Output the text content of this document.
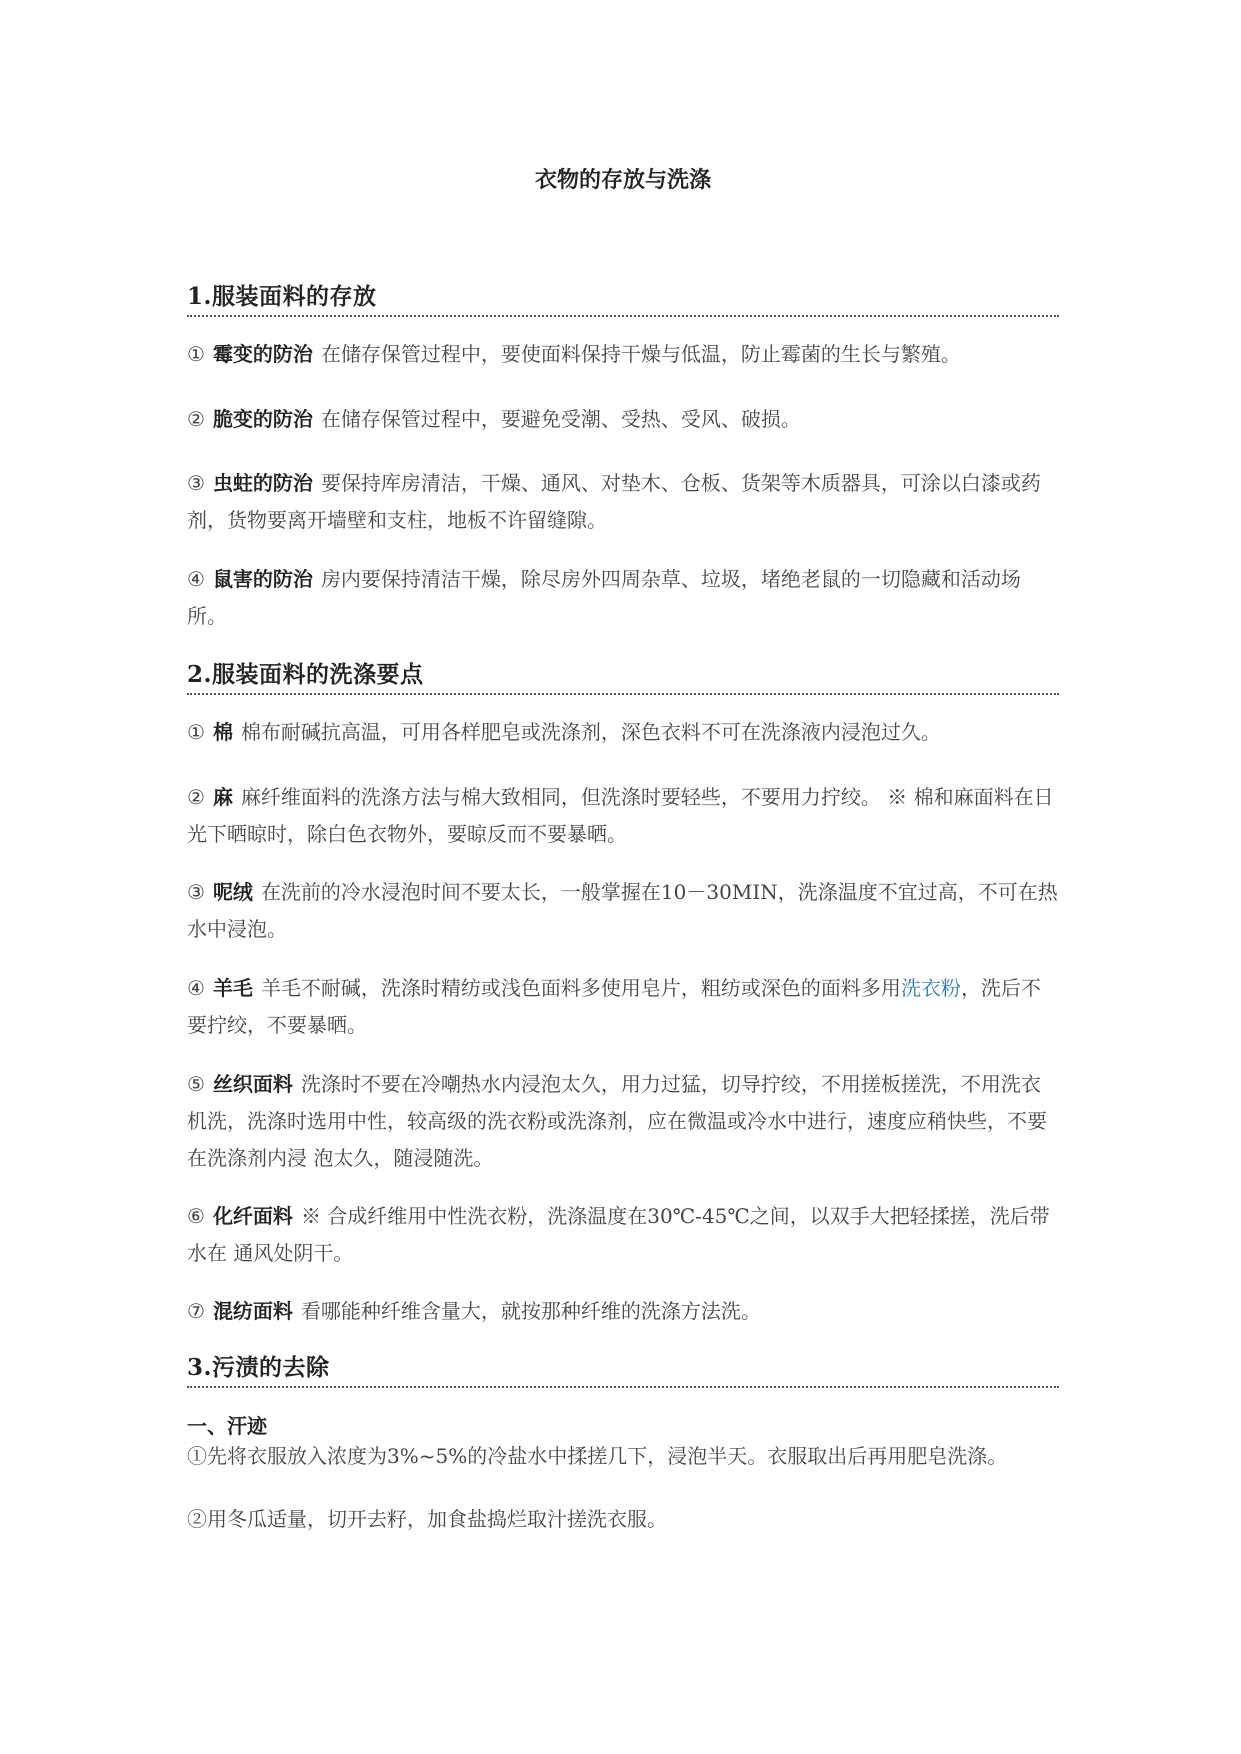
衣物的存放与洗涤
1.服装面料的存放
① 霉变的防治 在储存保管过程中，要使面料保持干燥与低温，防止霉菌的生长与繁殖。
② 脆变的防治 在储存保管过程中，要避免受潮、受热、受风、破损。
③ 虫蛀的防治 要保持库房清洁，干燥、通风、对垫木、仓板、货架等木质器具，可涂以白漆或药剂，货物要离开墙壁和支柱，地板不许留缝隙。
④ 鼠害的防治 房内要保持清洁干燥，除尽房外四周杂草、垃圾，堵绝老鼠的一切隐藏和活动场所。
2.服装面料的洗涤要点
① 棉 棉布耐碱抗高温，可用各样肥皂或洗涤剂，深色衣料不可在洗涤液内浸泡过久。
② 麻 麻纤维面料的洗涤方法与棉大致相同，但洗涤时要轻些，不要用力拧绞。 ※ 棉和麻面料在日光下晒晾时，除白色衣物外，要晾反而不要暴晒。
③ 呢绒 在洗前的冷水浸泡时间不要太长，一般掌握在10－30MIN，洗涤温度不宜过高，不可在热水中浸泡。
④ 羊毛 羊毛不耐碱，洗涤时精纺或浅色面料多使用皂片，粗纺或深色的面料多用洗衣粉，洗后不要拧绞，不要暴晒。
⑤ 丝织面料 洗涤时不要在冷嘲热水内浸泡太久，用力过猛，切导拧绞，不用搓板搓洗，不用洗衣机洗，洗涤时选用中性，较高级的洗衣粉或洗涤剂，应在微温或冷水中进行，速度应稍快些，不要在洗涤剂内浸 泡太久，随浸随洗。
⑥ 化纤面料 ※ 合成纤维用中性洗衣粉，洗涤温度在30℃-45℃之间，以双手大把轻揉搓，洗后带水在 通风处阴干。
⑦ 混纺面料 看哪能种纤维含量大，就按那种纤维的洗涤方法洗。
3.污渍的去除
一、汗迹
①先将衣服放入浓度为3%~5%的冷盐水中揉搓几下，浸泡半天。衣服取出后再用肥皂洗涤。
②用冬瓜适量，切开去籽，加食盐捣烂取汁搓洗衣服。
